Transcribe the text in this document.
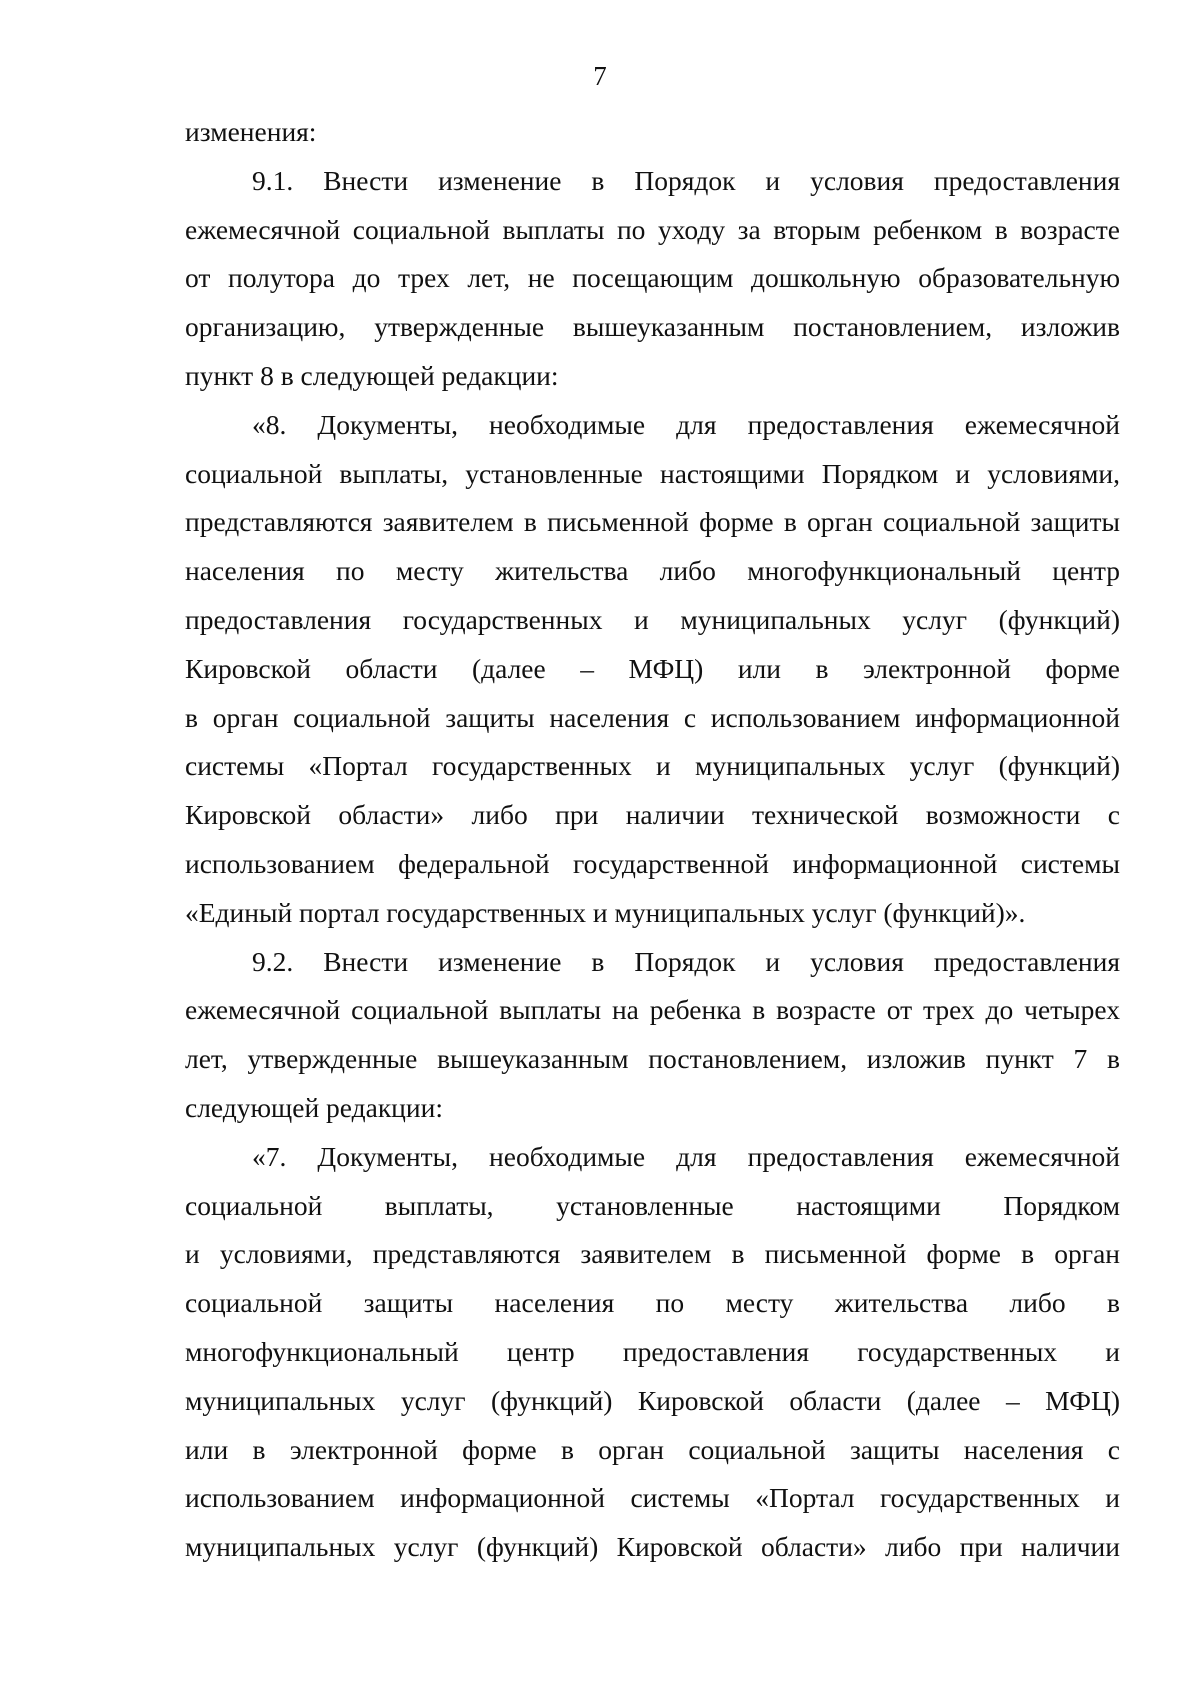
7
изменения:
9.1. Внести изменение в Порядок и условия предоставления
ежемесячной социальной выплаты по уходу за вторым ребенком в возрасте
от полутора до трех лет, не посещающим дошкольную образовательную
организацию, утвержденные вышеуказанным постановлением, изложив
пункт 8 в следующей редакции:
«8. Документы, необходимые для предоставления ежемесячной
социальной выплаты, установленные настоящими Порядком и условиями,
представляются заявителем в письменной форме в орган социальной защиты
населения по месту жительства либо многофункциональный центр
предоставления государственных и муниципальных услуг (функций)
Кировской области (далее – МФЦ) или в электронной форме
в орган социальной защиты населения с использованием информационной
системы «Портал государственных и муниципальных услуг (функций)
Кировской области» либо при наличии технической возможности с
использованием федеральной государственной информационной системы
«Единый портал государственных и муниципальных услуг (функций)».
9.2. Внести изменение в Порядок и условия предоставления
ежемесячной социальной выплаты на ребенка в возрасте от трех до четырех
лет, утвержденные вышеуказанным постановлением, изложив пункт 7 в
следующей редакции:
«7. Документы, необходимые для предоставления ежемесячной
социальной выплаты, установленные настоящими Порядком
и условиями, представляются заявителем в письменной форме в орган
социальной защиты населения по месту жительства либо в
многофункциональный центр предоставления государственных и
муниципальных услуг (функций) Кировской области (далее – МФЦ)
или в электронной форме в орган социальной защиты населения с
использованием информационной системы «Портал государственных и
муниципальных услуг (функций) Кировской области» либо при наличии
